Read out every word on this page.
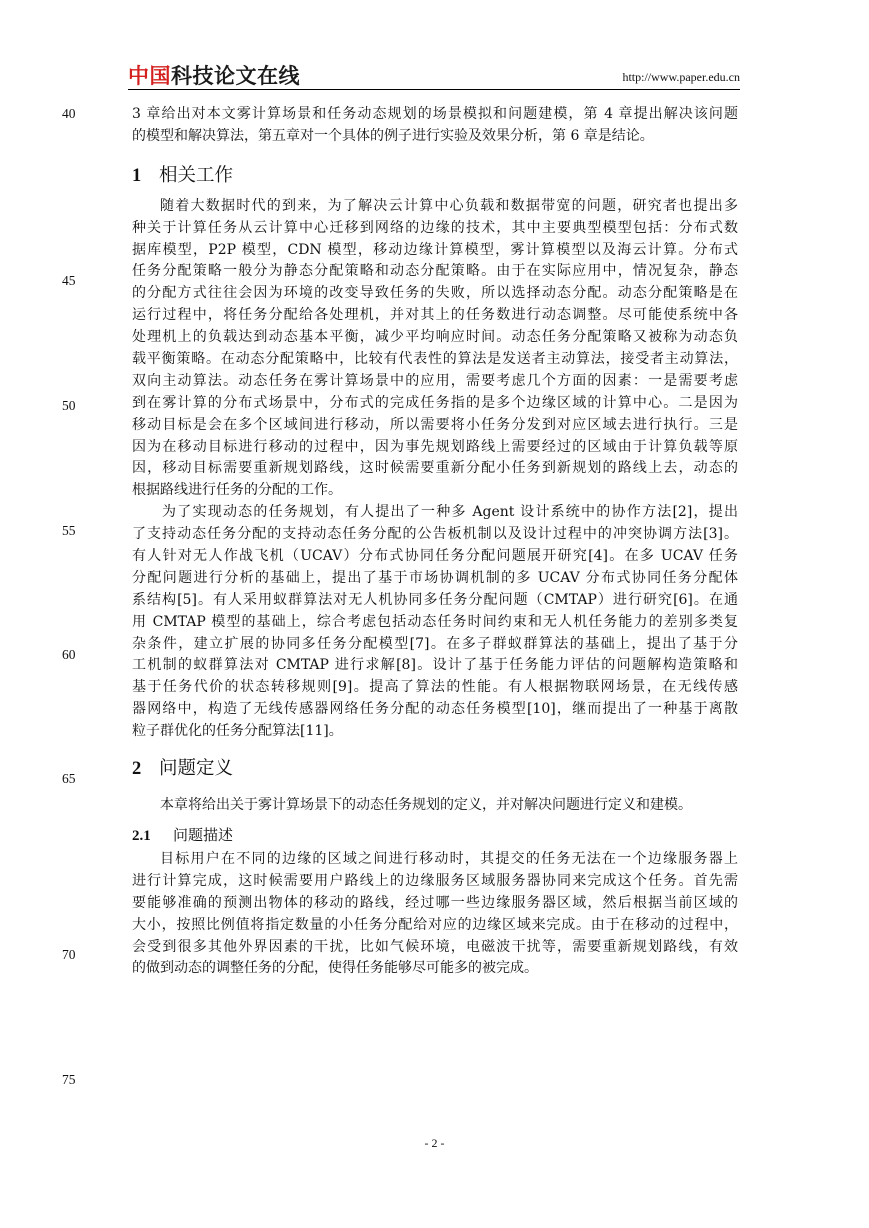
中国科技论文在线	http://www.paper.edu.cn
40
45
50
55
60
65
70
75
3 章给出对本文雾计算场景和任务动态规划的场景模拟和问题建模，第 4 章提出解决该问题
的模型和解决算法，第五章对一个具体的例子进行实验及效果分析，第 6 章是结论。
1 相关工作
随着大数据时代的到来，为了解决云计算中心负载和数据带宽的问题，研究者也提出多
种关于计算任务从云计算中心迁移到网络的边缘的技术，其中主要典型模型包括：分布式数
据库模型，P2P 模型，CDN 模型，移动边缘计算模型，雾计算模型以及海云计算。分布式
任务分配策略一般分为静态分配策略和动态分配策略。由于在实际应用中，情况复杂，静态
的分配方式往往会因为环境的改变导致任务的失败，所以选择动态分配。动态分配策略是在
运行过程中，将任务分配给各处理机，并对其上的任务数进行动态调整。尽可能使系统中各
处理机上的负载达到动态基本平衡，减少平均响应时间。动态任务分配策略又被称为动态负
载平衡策略。在动态分配策略中，比较有代表性的算法是发送者主动算法，接受者主动算法，
双向主动算法。动态任务在雾计算场景中的应用，需要考虑几个方面的因素：一是需要考虑
到在雾计算的分布式场景中，分布式的完成任务指的是多个边缘区域的计算中心。二是因为
移动目标是会在多个区域间进行移动，所以需要将小任务分发到对应区域去进行执行。三是
因为在移动目标进行移动的过程中，因为事先规划路线上需要经过的区域由于计算负载等原
因，移动目标需要重新规划路线，这时候需要重新分配小任务到新规划的路线上去，动态的
根据路线进行任务的分配的工作。
为了实现动态的任务规划，有人提出了一种多 Agent 设计系统中的协作方法[2]，提出
了支持动态任务分配的支持动态任务分配的公告板机制以及设计过程中的冲突协调方法[3]。
有人针对无人作战飞机（UCAV）分布式协同任务分配问题展开研究[4]。在多 UCAV 任务
分配问题进行分析的基础上，提出了基于市场协调机制的多 UCAV 分布式协同任务分配体
系结构[5]。有人采用蚁群算法对无人机协同多任务分配问题（CMTAP）进行研究[6]。在通
用 CMTAP 模型的基础上，综合考虑包括动态任务时间约束和无人机任务能力的差别多类复
杂条件，建立扩展的协同多任务分配模型[7]。在多子群蚁群算法的基础上，提出了基于分
工机制的蚁群算法对 CMTAP 进行求解[8]。设计了基于任务能力评估的问题解构造策略和
基于任务代价的状态转移规则[9]。提高了算法的性能。有人根据物联网场景，在无线传感
器网络中，构造了无线传感器网络任务分配的动态任务模型[10]，继而提出了一种基于离散
粒子群优化的任务分配算法[11]。
2 问题定义
本章将给出关于雾计算场景下的动态任务规划的定义，并对解决问题进行定义和建模。
2.1 问题描述
目标用户在不同的边缘的区域之间进行移动时，其提交的任务无法在一个边缘服务器上
进行计算完成，这时候需要用户路线上的边缘服务区域服务器协同来完成这个任务。首先需
要能够准确的预测出物体的移动的路线，经过哪一些边缘服务器区域，然后根据当前区域的
大小，按照比例值将指定数量的小任务分配给对应的边缘区域来完成。由于在移动的过程中，
会受到很多其他外界因素的干扰，比如气候环境，电磁波干扰等，需要重新规划路线，有效
的做到动态的调整任务的分配，使得任务能够尽可能多的被完成。
- 2 -
